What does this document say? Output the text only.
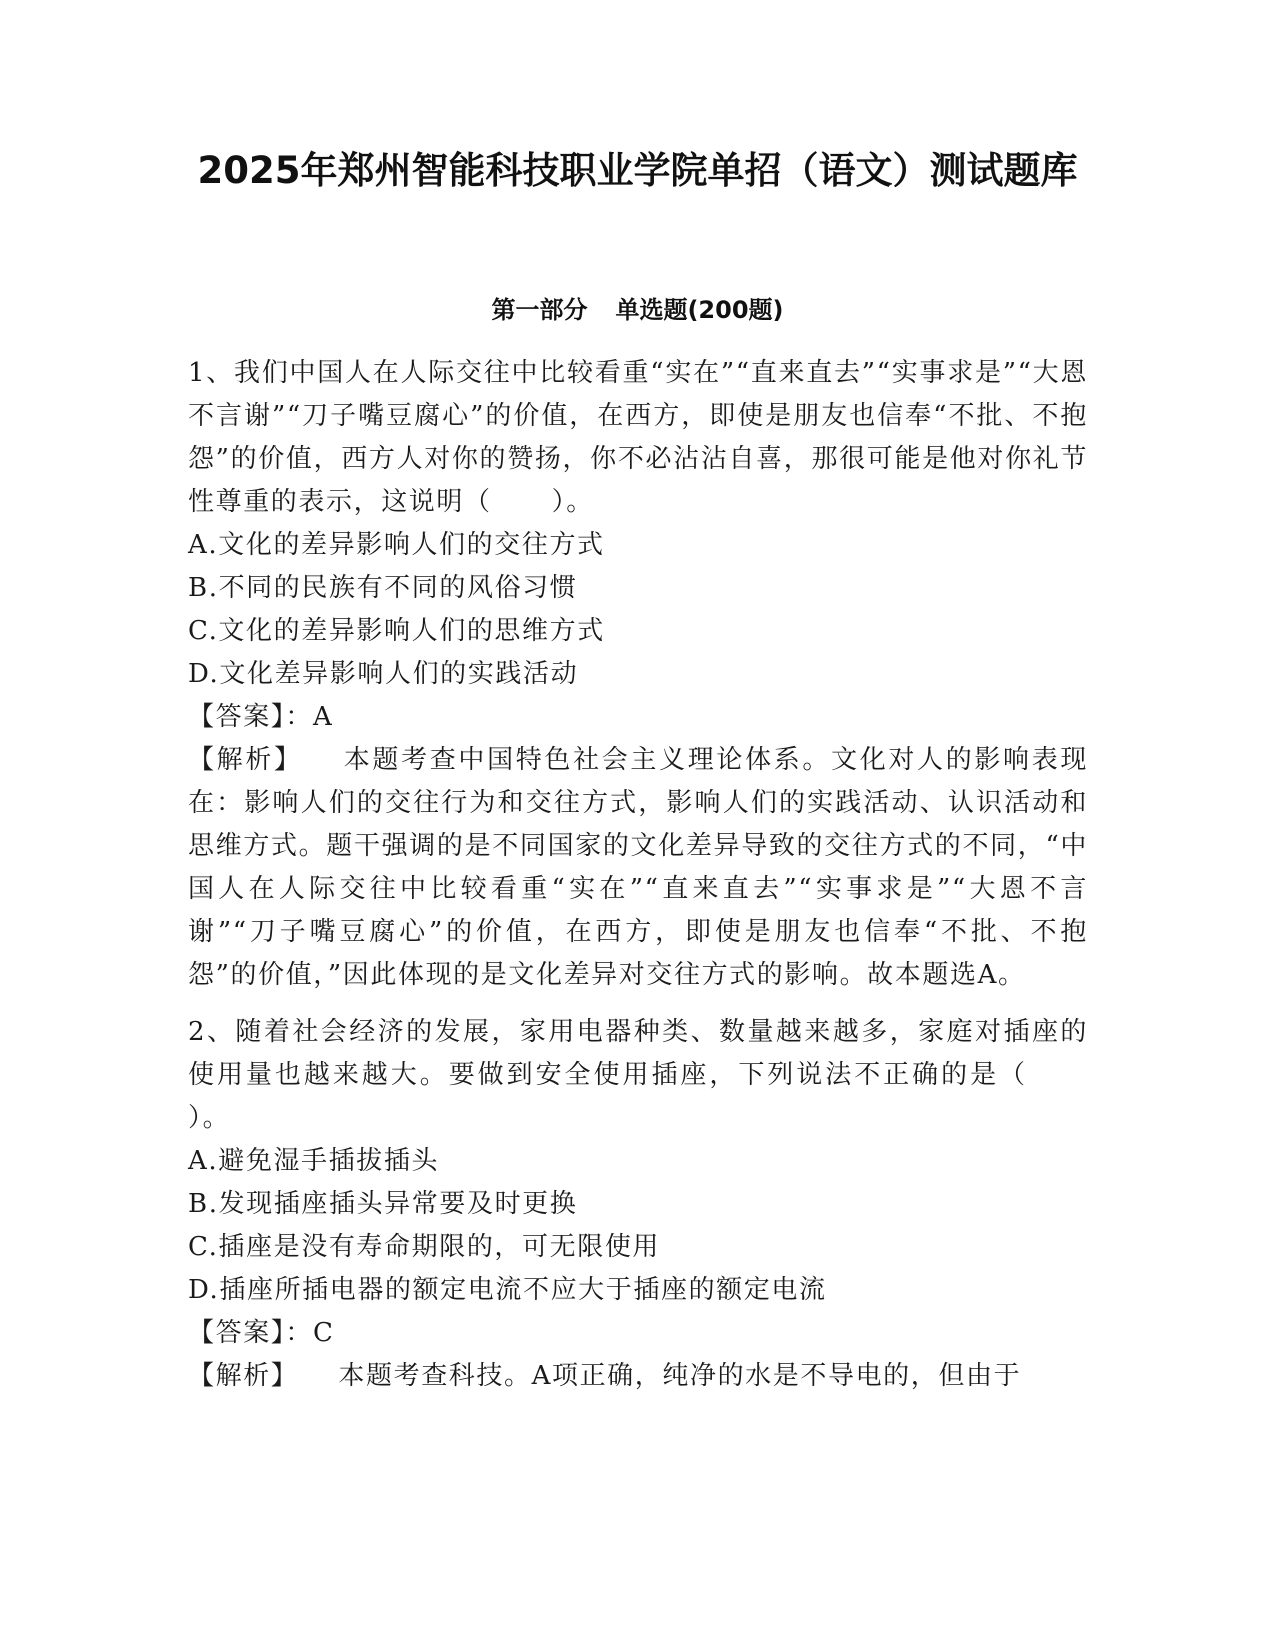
2025年郑州智能科技职业学院单招（语文）测试题库
第一部分 单选题(200题)

1、我们中国人在人际交往中比较看重“实在”“直来直去”“实事求是”“大恩不言谢”“刀子嘴豆腐心”的价值，在西方，即使是朋友也信奉“不批、不抱怨”的价值，西方人对你的赞扬，你不必沾沾自喜，那很可能是他对你礼节性尊重的表示，这说明（ ）。

A.文化的差异影响人们的交往方式

B.不同的民族有不同的风俗习惯

C.文化的差异影响人们的思维方式

D.文化差异影响人们的实践活动

【答案】：A

【解析】 本题考查中国特色社会主义理论体系。文化对人的影响表现在：影响人们的交往行为和交往方式，影响人们的实践活动、认识活动和思维方式。题干强调的是不同国家的文化差异导致的交往方式的不同，“中国人在人际交往中比较看重“实在”“直来直去”“实事求是”“大恩不言谢”“刀子嘴豆腐心”的价值，在西方，即使是朋友也信奉“不批、不抱怨”的价值，”因此体现的是文化差异对交往方式的影响。故本题选A。

2、随着社会经济的发展，家用电器种类、数量越来越多，家庭对插座的使用量也越来越大。要做到安全使用插座，下列说法不正确的是（）。

A.避免湿手插拔插头

B.发现插座插头异常要及时更换

C.插座是没有寿命期限的，可无限使用

D.插座所插电器的额定电流不应大于插座的额定电流

【答案】：C

【解析】 本题考查科技。A项正确，纯净的水是不导电的，但由于
